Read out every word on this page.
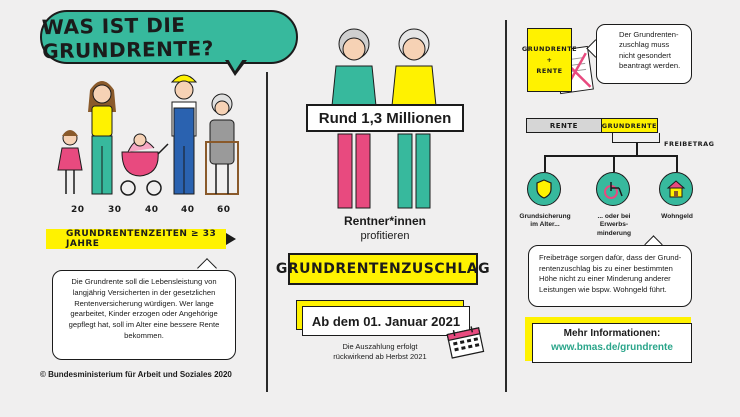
WAS IST DIE GRUNDRENTE?
20	30	40 40 60
GRUNDRENTENZEITEN ≥ 33 JAHRE
Die Grundrente soll die Lebensleistung von langjährig Versicherten in der gesetzlichen Rentenversicherung würdigen. Wer lange gearbeitet, Kinder erzogen oder Angehörige gepflegt hat, soll im Alter eine bessere Rente bekommen.
© Bundesministerium für Arbeit und Soziales 2020
Rund 1,3 Millionen
Rentner*innen
profitieren
GRUNDRENTENZUSCHLAG
Ab dem 01. Januar 2021
Die Auszahlung erfolgt
rückwirkend ab Herbst 2021
GRUNDRENTE
+
RENTE
Der Grundrenten-zuschlag muss nicht gesondert beantragt werden.
RENTE	GRUNDRENTE
FREIBETRAG
Grundsicherung im Alter...
... oder bei Erwerbs-minderung
Wohngeld
Freibeträge sorgen dafür, dass der Grund-rentenzuschlag bis zu einer bestimmten Höhe nicht zu einer Minderung anderer Leistungen wie bspw. Wohngeld führt.
Mehr Informationen:
www.bmas.de/grundrente
